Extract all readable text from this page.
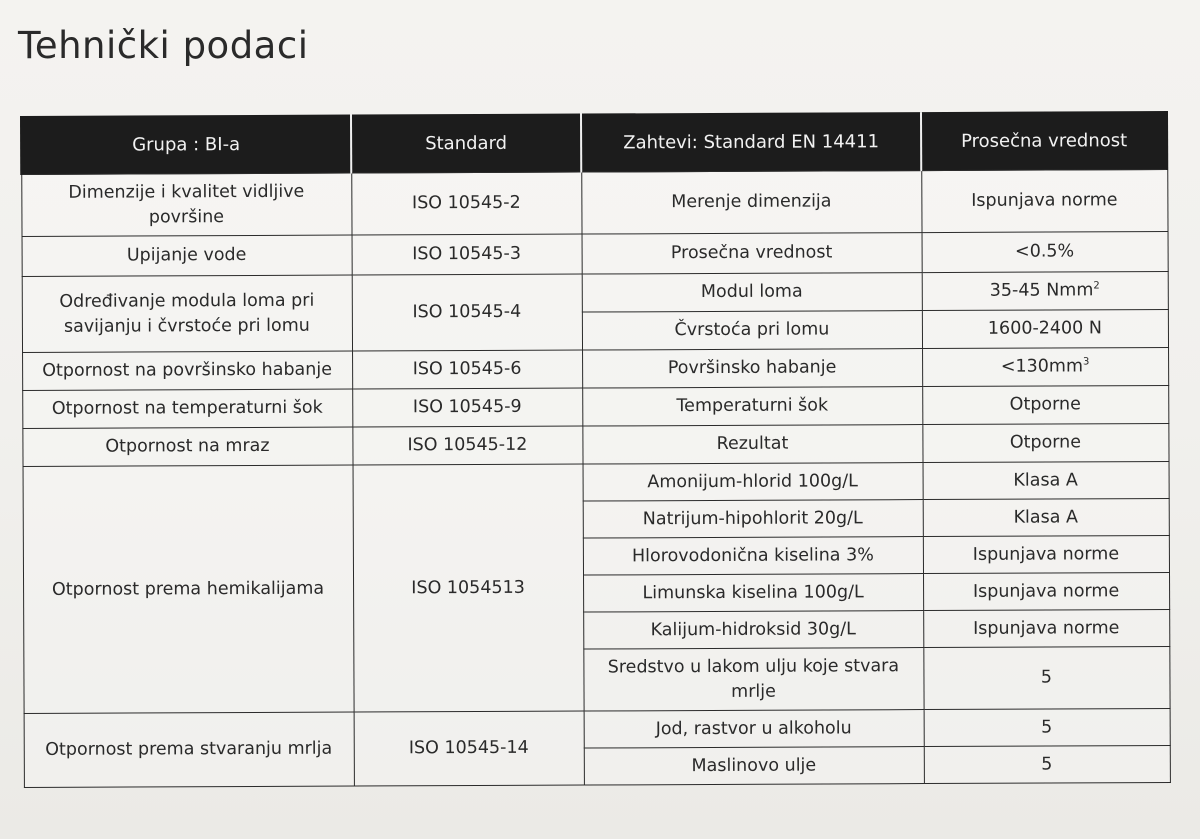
Tehnički podaci
Grupa : BI-a	Standard	Zahtevi: Standard EN 14411	Prosečna vrednost
Dimenzije i kvalitet vidljive površine	ISO 10545-2	Merenje dimenzija	Ispunjava norme
Upijanje vode	ISO 10545-3	Prosečna vrednost	<0.5%
Određivanje modula loma pri savijanju i čvrstoće pri lomu	ISO 10545-4	Modul loma	35-45 Nmm$^2$
		Čvrstoća pri lomu	1600-2400 N
Otpornost na površinsko habanje	ISO 10545-6	Površinsko habanje	$<130mm^3$
Otpornost na temperaturni šok	ISO 10545-9	Temperaturni šok	Otporne
Otpornost na mraz	ISO 10545-12	Rezultat	Otporne
Otpornost prema hemikalijama	ISO 1054513	Amonijum-hlorid 100g/L	Klasa A
		Natrijum-hipohlorit 20g/L	Klasa A
		Hlorovodonična kiselina 3%	Ispunjava norme
		Limunska kiselina 100g/L	Ispunjava norme
		Kalijum-hidroksid 30g/L	Ispunjava norme
		Sredstvo u lakom ulju koje stvara mrlje	5
Otpornost prema stvaranju mrlja	ISO 10545-14	Jod, rastvor u alkoholu	5
		Maslinovo ulje	5
